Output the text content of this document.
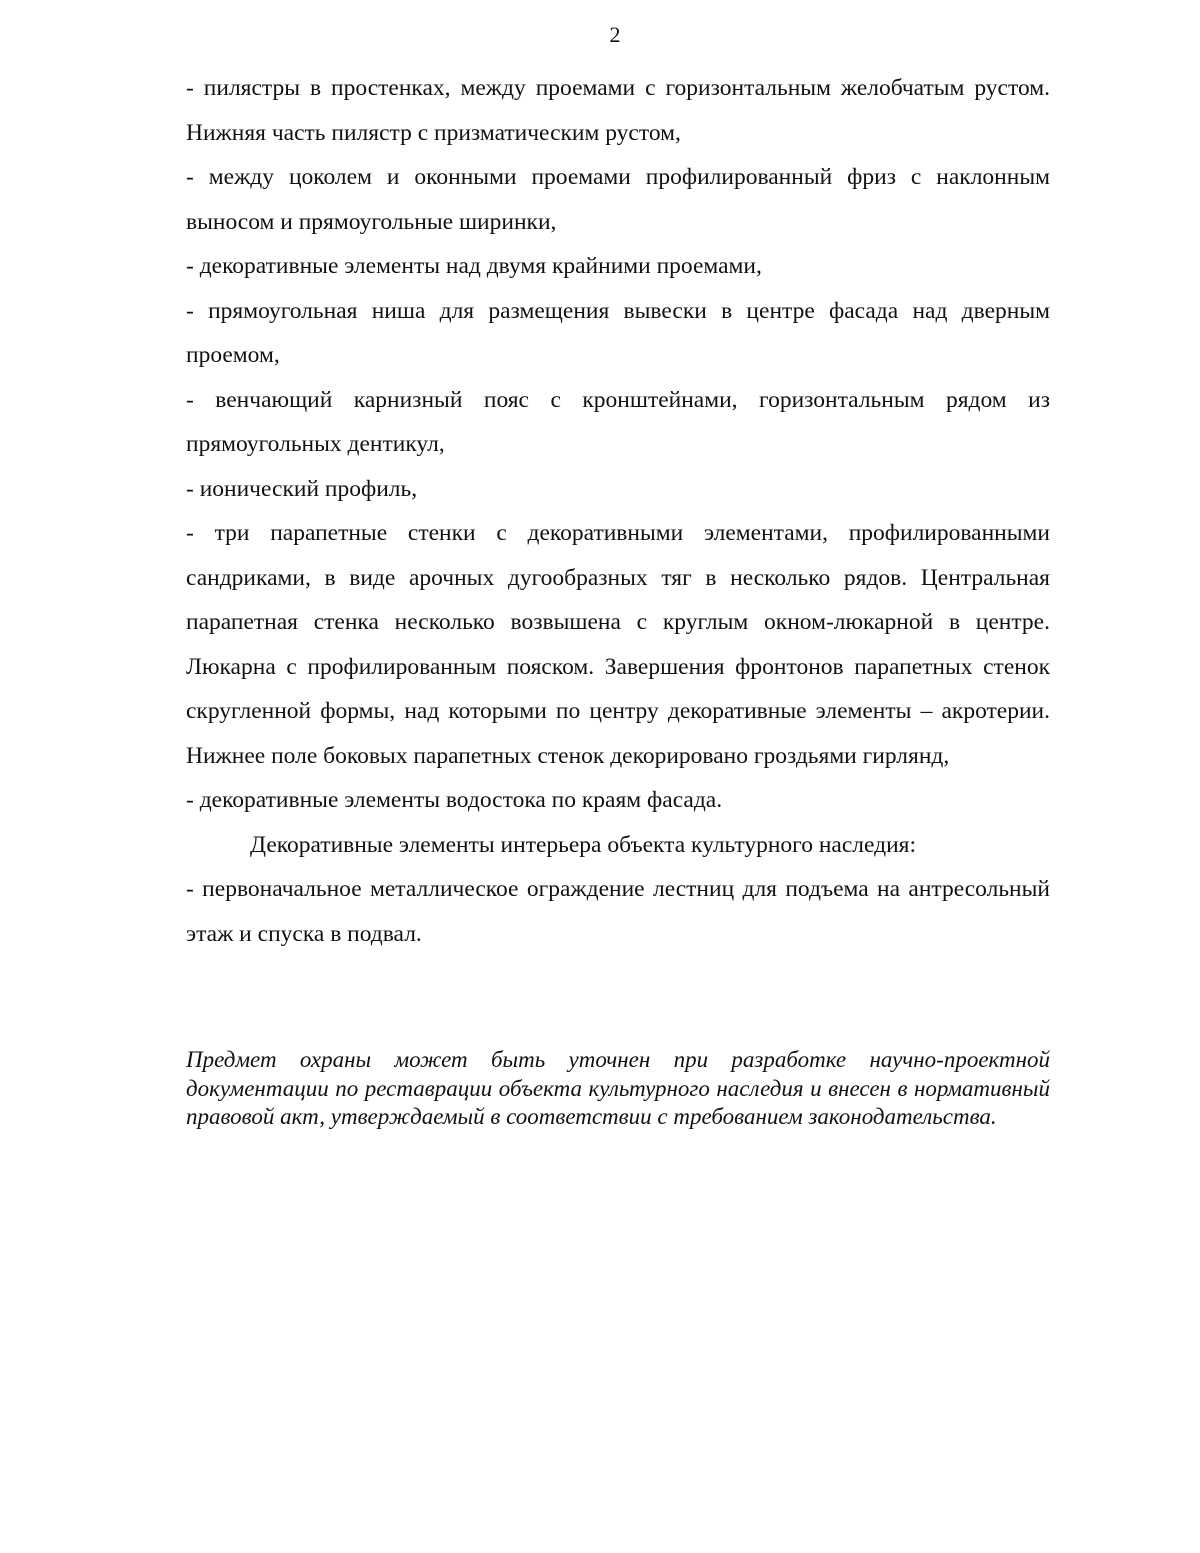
2

- пилястры в простенках, между проемами с горизонтальным желобчатым рустом. Нижняя часть пилястр с призматическим рустом,

- между цоколем и оконными проемами профилированный фриз с наклонным выносом и прямоугольные ширинки,

- декоративные элементы над двумя крайними проемами,

- прямоугольная ниша для размещения вывески в центре фасада над дверным проемом,

- венчающий карнизный пояс с кронштейнами, горизонтальным рядом из прямоугольных дентикул,

- ионический профиль,

- три парапетные стенки с декоративными элементами, профилированными сандриками, в виде арочных дугообразных тяг в несколько рядов. Центральная парапетная стенка несколько возвышена с круглым окном-люкарной в центре. Люкарна с профилированным пояском. Завершения фронтонов парапетных стенок скругленной формы, над которыми по центру декоративные элементы – акротерии. Нижнее поле боковых парапетных стенок декорировано гроздьями гирлянд,

- декоративные элементы водостока по краям фасада.

Декоративные элементы интерьера объекта культурного наследия:

- первоначальное металлическое ограждение лестниц для подъема на антресольный этаж и спуска в подвал.

Предмет охраны может быть уточнен при разработке научно-проектной документации по реставрации объекта культурного наследия и внесен в нормативный правовой акт, утверждаемый в соответствии с требованием законодательства.
